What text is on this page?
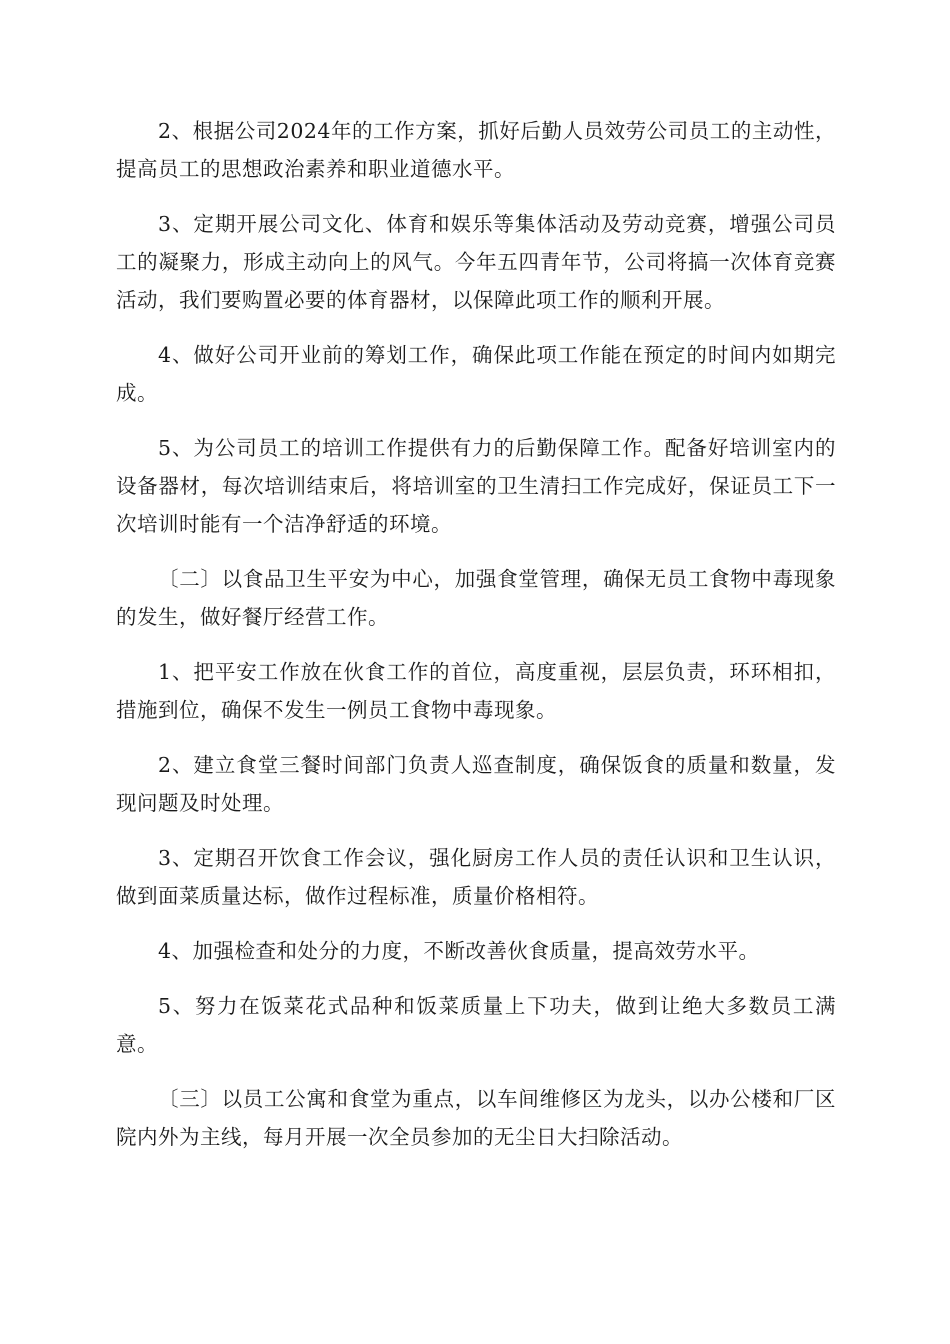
2、根据公司2024年的工作方案，抓好后勤人员效劳公司员工的主动性，提高员工的思想政治素养和职业道德水平。

3、定期开展公司文化、体育和娱乐等集体活动及劳动竞赛，增强公司员工的凝聚力，形成主动向上的风气。今年五四青年节，公司将搞一次体育竞赛活动，我们要购置必要的体育器材，以保障此项工作的顺利开展。

4、做好公司开业前的筹划工作，确保此项工作能在预定的时间内如期完成。

5、为公司员工的培训工作提供有力的后勤保障工作。配备好培训室内的设备器材，每次培训结束后，将培训室的卫生清扫工作完成好，保证员工下一次培训时能有一个洁净舒适的环境。

〔二〕以食品卫生平安为中心，加强食堂管理，确保无员工食物中毒现象的发生，做好餐厅经营工作。

1、把平安工作放在伙食工作的首位，高度重视，层层负责，环环相扣，措施到位，确保不发生一例员工食物中毒现象。

2、建立食堂三餐时间部门负责人巡查制度，确保饭食的质量和数量，发现问题及时处理。

3、定期召开饮食工作会议，强化厨房工作人员的责任认识和卫生认识，做到面菜质量达标，做作过程标准，质量价格相符。

4、加强检查和处分的力度，不断改善伙食质量，提高效劳水平。

5、努力在饭菜花式品种和饭菜质量上下功夫，做到让绝大多数员工满意。

〔三〕以员工公寓和食堂为重点，以车间维修区为龙头，以办公楼和厂区院内外为主线，每月开展一次全员参加的无尘日大扫除活动。
